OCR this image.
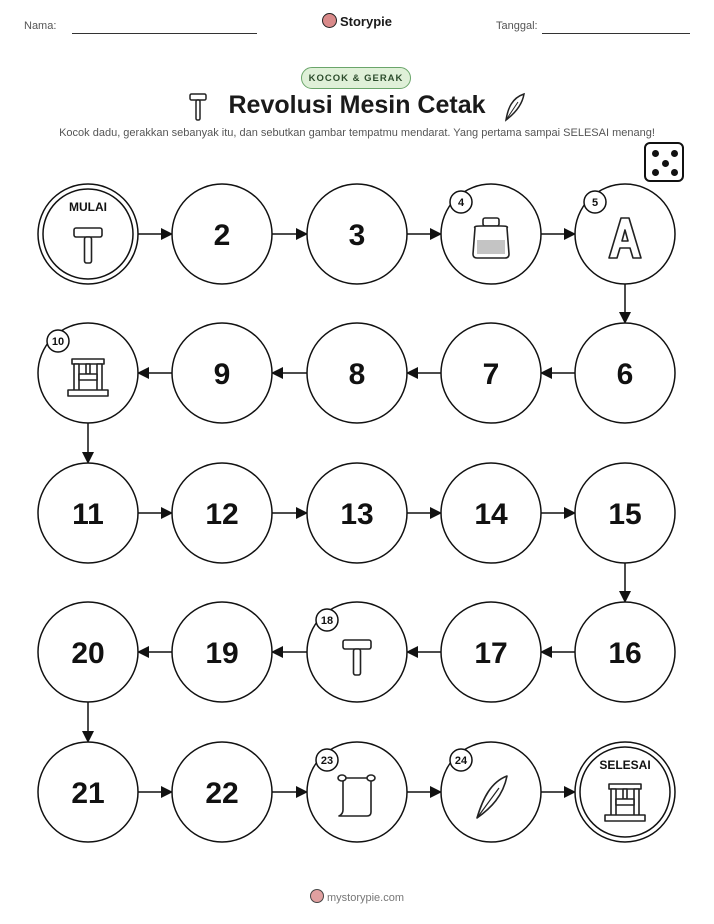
Nama:	Storypie	Tanggal:
KOCOK & GERAK
Revolusi Mesin Cetak
Kocok dadu, gerakkan sebanyak itu, dan sebutkan gambar tempatmu mendarat. Yang pertama sampai SELESAI menang!
MULAI
2	3
4	5
6
7
8
9
10
11	12	13	14	15
16
17
18
19
20
21	22
23	24	SELESAI
mystorypie.com
